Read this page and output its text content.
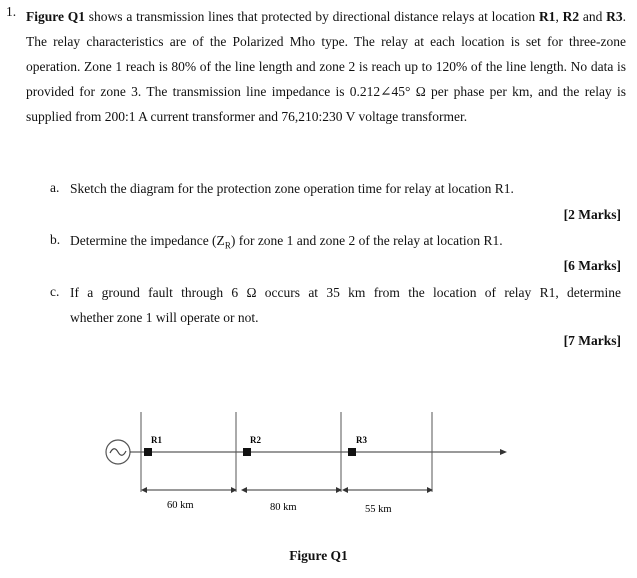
1. Figure Q1 shows a transmission lines that protected by directional distance relays at location R1, R2 and R3. The relay characteristics are of the Polarized Mho type. The relay at each location is set for three-zone operation. Zone 1 reach is 80% of the line length and zone 2 is reach up to 120% of the line length. No data is provided for zone 3. The transmission line impedance is 0.212∠45° Ω per phase per km, and the relay is supplied from 200:1 A current transformer and 76,210:230 V voltage transformer.
a. Sketch the diagram for the protection zone operation time for relay at location R1.
[2 Marks]
b. Determine the impedance $(Z_R)$ for zone 1 and zone 2 of the relay at location R1.
[6 Marks]
c. If a ground fault through 6 Ω occurs at 35 km from the location of relay R1, determine
whether zone 1 will operate or not.
[7 Marks]
R1	R2	R3
60 km	80 km	55 km
Figure Q1
